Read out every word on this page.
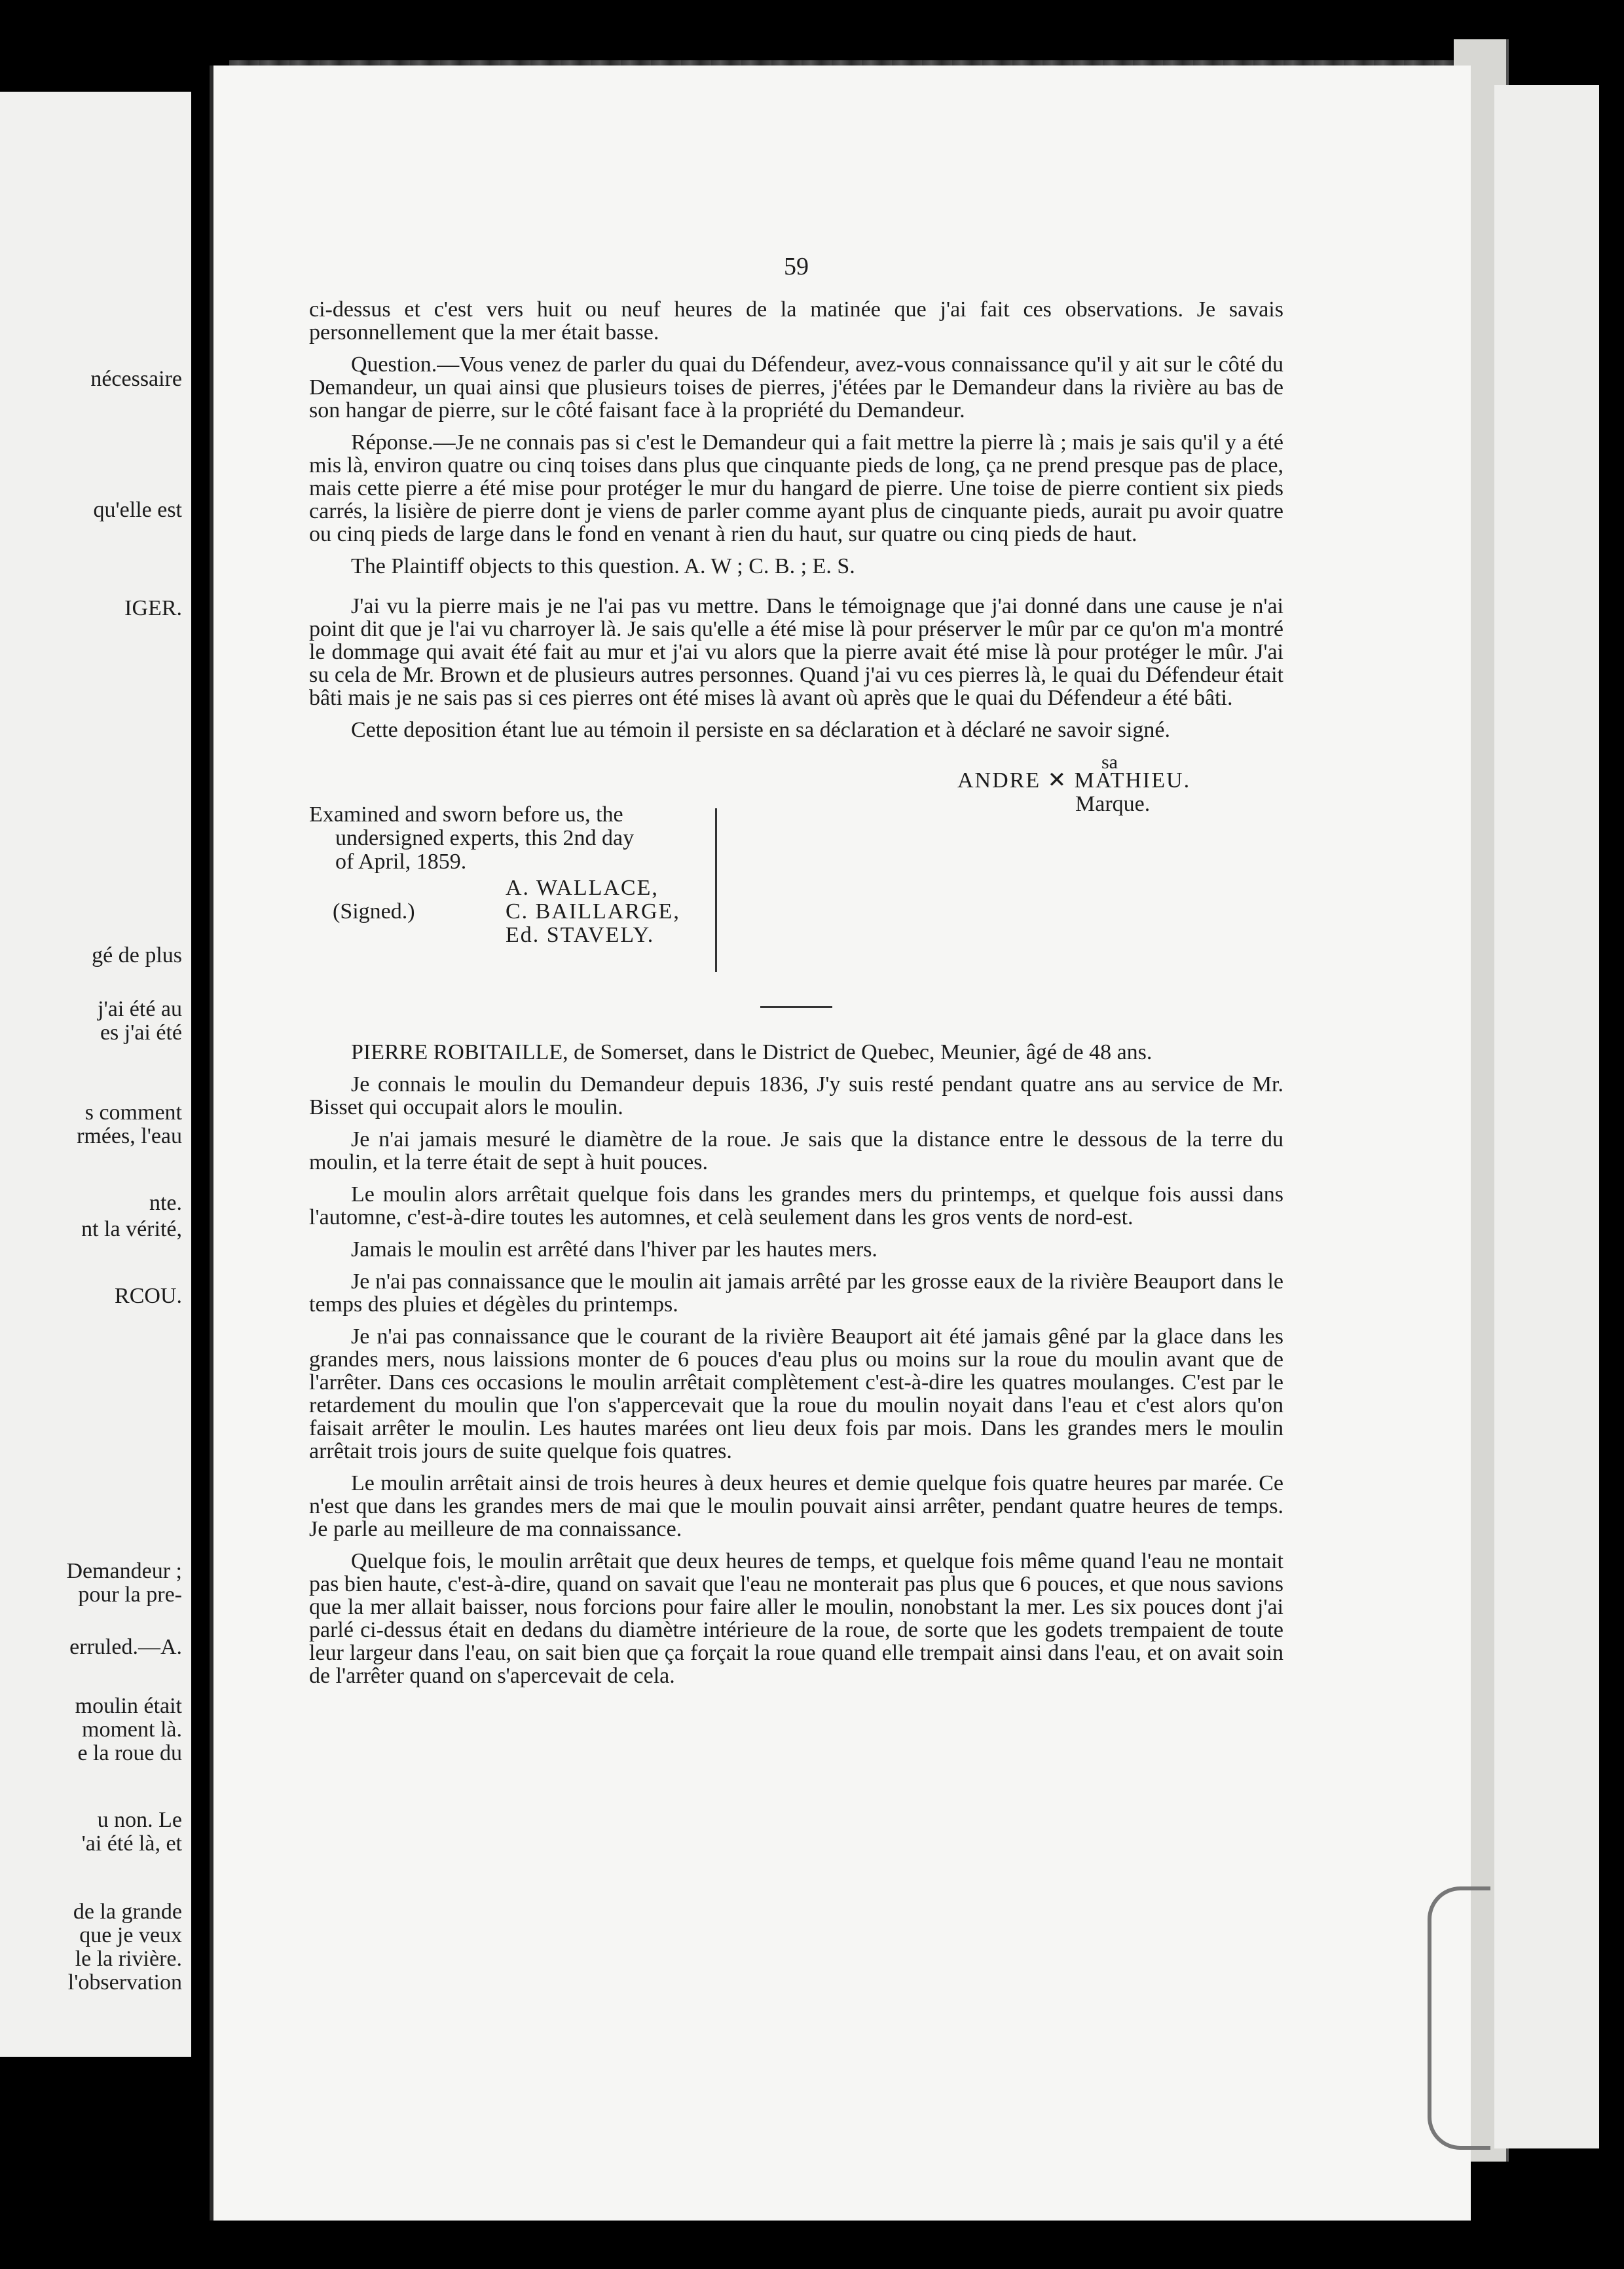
nécessaire
qu'elle est
IGER.
gé de plus
j'ai été au
es j'ai été
s comment
rmées, l'eau
nte.
nt la vérité,
RCOU.
Demandeur ;
pour la pre-
erruled.—A.
moulin était
moment là.
e la roue du
u non. Le
'ai été là, et
de la grande
que je veux
le la rivière.
l'observation
59

ci-dessus et c'est vers huit ou neuf heures de la matinée que j'ai fait ces observations. Je savais personnellement que la mer était basse.

Question.—Vous venez de parler du quai du Défendeur, avez-vous connaissance qu'il y ait sur le côté du Demandeur, un quai ainsi que plusieurs toises de pierres, j'étées par le Demandeur dans la rivière au bas de son hangar de pierre, sur le côté faisant face à la propriété du Demandeur.

Réponse.—Je ne connais pas si c'est le Demandeur qui a fait mettre la pierre là ; mais je sais qu'il y a été mis là, environ quatre ou cinq toises dans plus que cinquante pieds de long, ça ne prend presque pas de place, mais cette pierre a été mise pour protéger le mur du hangard de pierre. Une toise de pierre contient six pieds carrés, la lisière de pierre dont je viens de parler comme ayant plus de cinquante pieds, aurait pu avoir quatre ou cinq pieds de large dans le fond en venant à rien du haut, sur quatre ou cinq pieds de haut.

The Plaintiff objects to this question. A. W ; C. B. ; E. S.

J'ai vu la pierre mais je ne l'ai pas vu mettre. Dans le témoignage que j'ai donné dans une cause je n'ai point dit que je l'ai vu charroyer là. Je sais qu'elle a été mise là pour préserver le mûr par ce qu'on m'a montré le dommage qui avait été fait au mur et j'ai vu alors que la pierre avait été mise là pour protéger le mûr. J'ai su cela de Mr. Brown et de plusieurs autres personnes. Quand j'ai vu ces pierres là, le quai du Défendeur était bâti mais je ne sais pas si ces pierres ont été mises là avant où après que le quai du Défendeur a été bâti.

Cette deposition étant lue au témoin il persiste en sa déclaration et à déclaré ne savoir signé.

sa
ANDRE ✕ MATHIEU.
Marque.
Examined and sworn before us, the
undersigned experts, this 2nd day
of April, 1859.
A. WALLACE,
(Signed.)	C. BAILLARGE,
Ed. STAVELY.

PIERRE ROBITAILLE, de Somerset, dans le District de Quebec, Meunier, âgé de 48 ans.

Je connais le moulin du Demandeur depuis 1836, J'y suis resté pendant quatre ans au service de Mr. Bisset qui occupait alors le moulin.

Je n'ai jamais mesuré le diamètre de la roue. Je sais que la distance entre le dessous de la terre du moulin, et la terre était de sept à huit pouces.

Le moulin alors arrêtait quelque fois dans les grandes mers du printemps, et quelque fois aussi dans l'automne, c'est-à-dire toutes les automnes, et celà seulement dans les gros vents de nord-est.

Jamais le moulin est arrêté dans l'hiver par les hautes mers.

Je n'ai pas connaissance que le moulin ait jamais arrêté par les grosse eaux de la rivière Beauport dans le temps des pluies et dégèles du printemps.

Je n'ai pas connaissance que le courant de la rivière Beauport ait été jamais gêné par la glace dans les grandes mers, nous laissions monter de 6 pouces d'eau plus ou moins sur la roue du moulin avant que de l'arrêter. Dans ces occasions le moulin arrêtait complètement c'est-à-dire les quatres moulanges. C'est par le retardement du moulin que l'on s'appercevait que la roue du moulin noyait dans l'eau et c'est alors qu'on faisait arrêter le moulin. Les hautes marées ont lieu deux fois par mois. Dans les grandes mers le moulin arrêtait trois jours de suite quelque fois quatres.

Le moulin arrêtait ainsi de trois heures à deux heures et demie quelque fois quatre heures par marée. Ce n'est que dans les grandes mers de mai que le moulin pouvait ainsi arrêter, pendant quatre heures de temps. Je parle au meilleure de ma connaissance.

Quelque fois, le moulin arrêtait que deux heures de temps, et quelque fois même quand l'eau ne montait pas bien haute, c'est-à-dire, quand on savait que l'eau ne monterait pas plus que 6 pouces, et que nous savions que la mer allait baisser, nous forcions pour faire aller le moulin, nonobstant la mer. Les six pouces dont j'ai parlé ci-dessus était en dedans du diamètre intérieure de la roue, de sorte que les godets trempaient de toute leur largeur dans l'eau, on sait bien que ça forçait la roue quand elle trempait ainsi dans l'eau, et on avait soin de l'arrêter quand on s'apercevait de cela.
